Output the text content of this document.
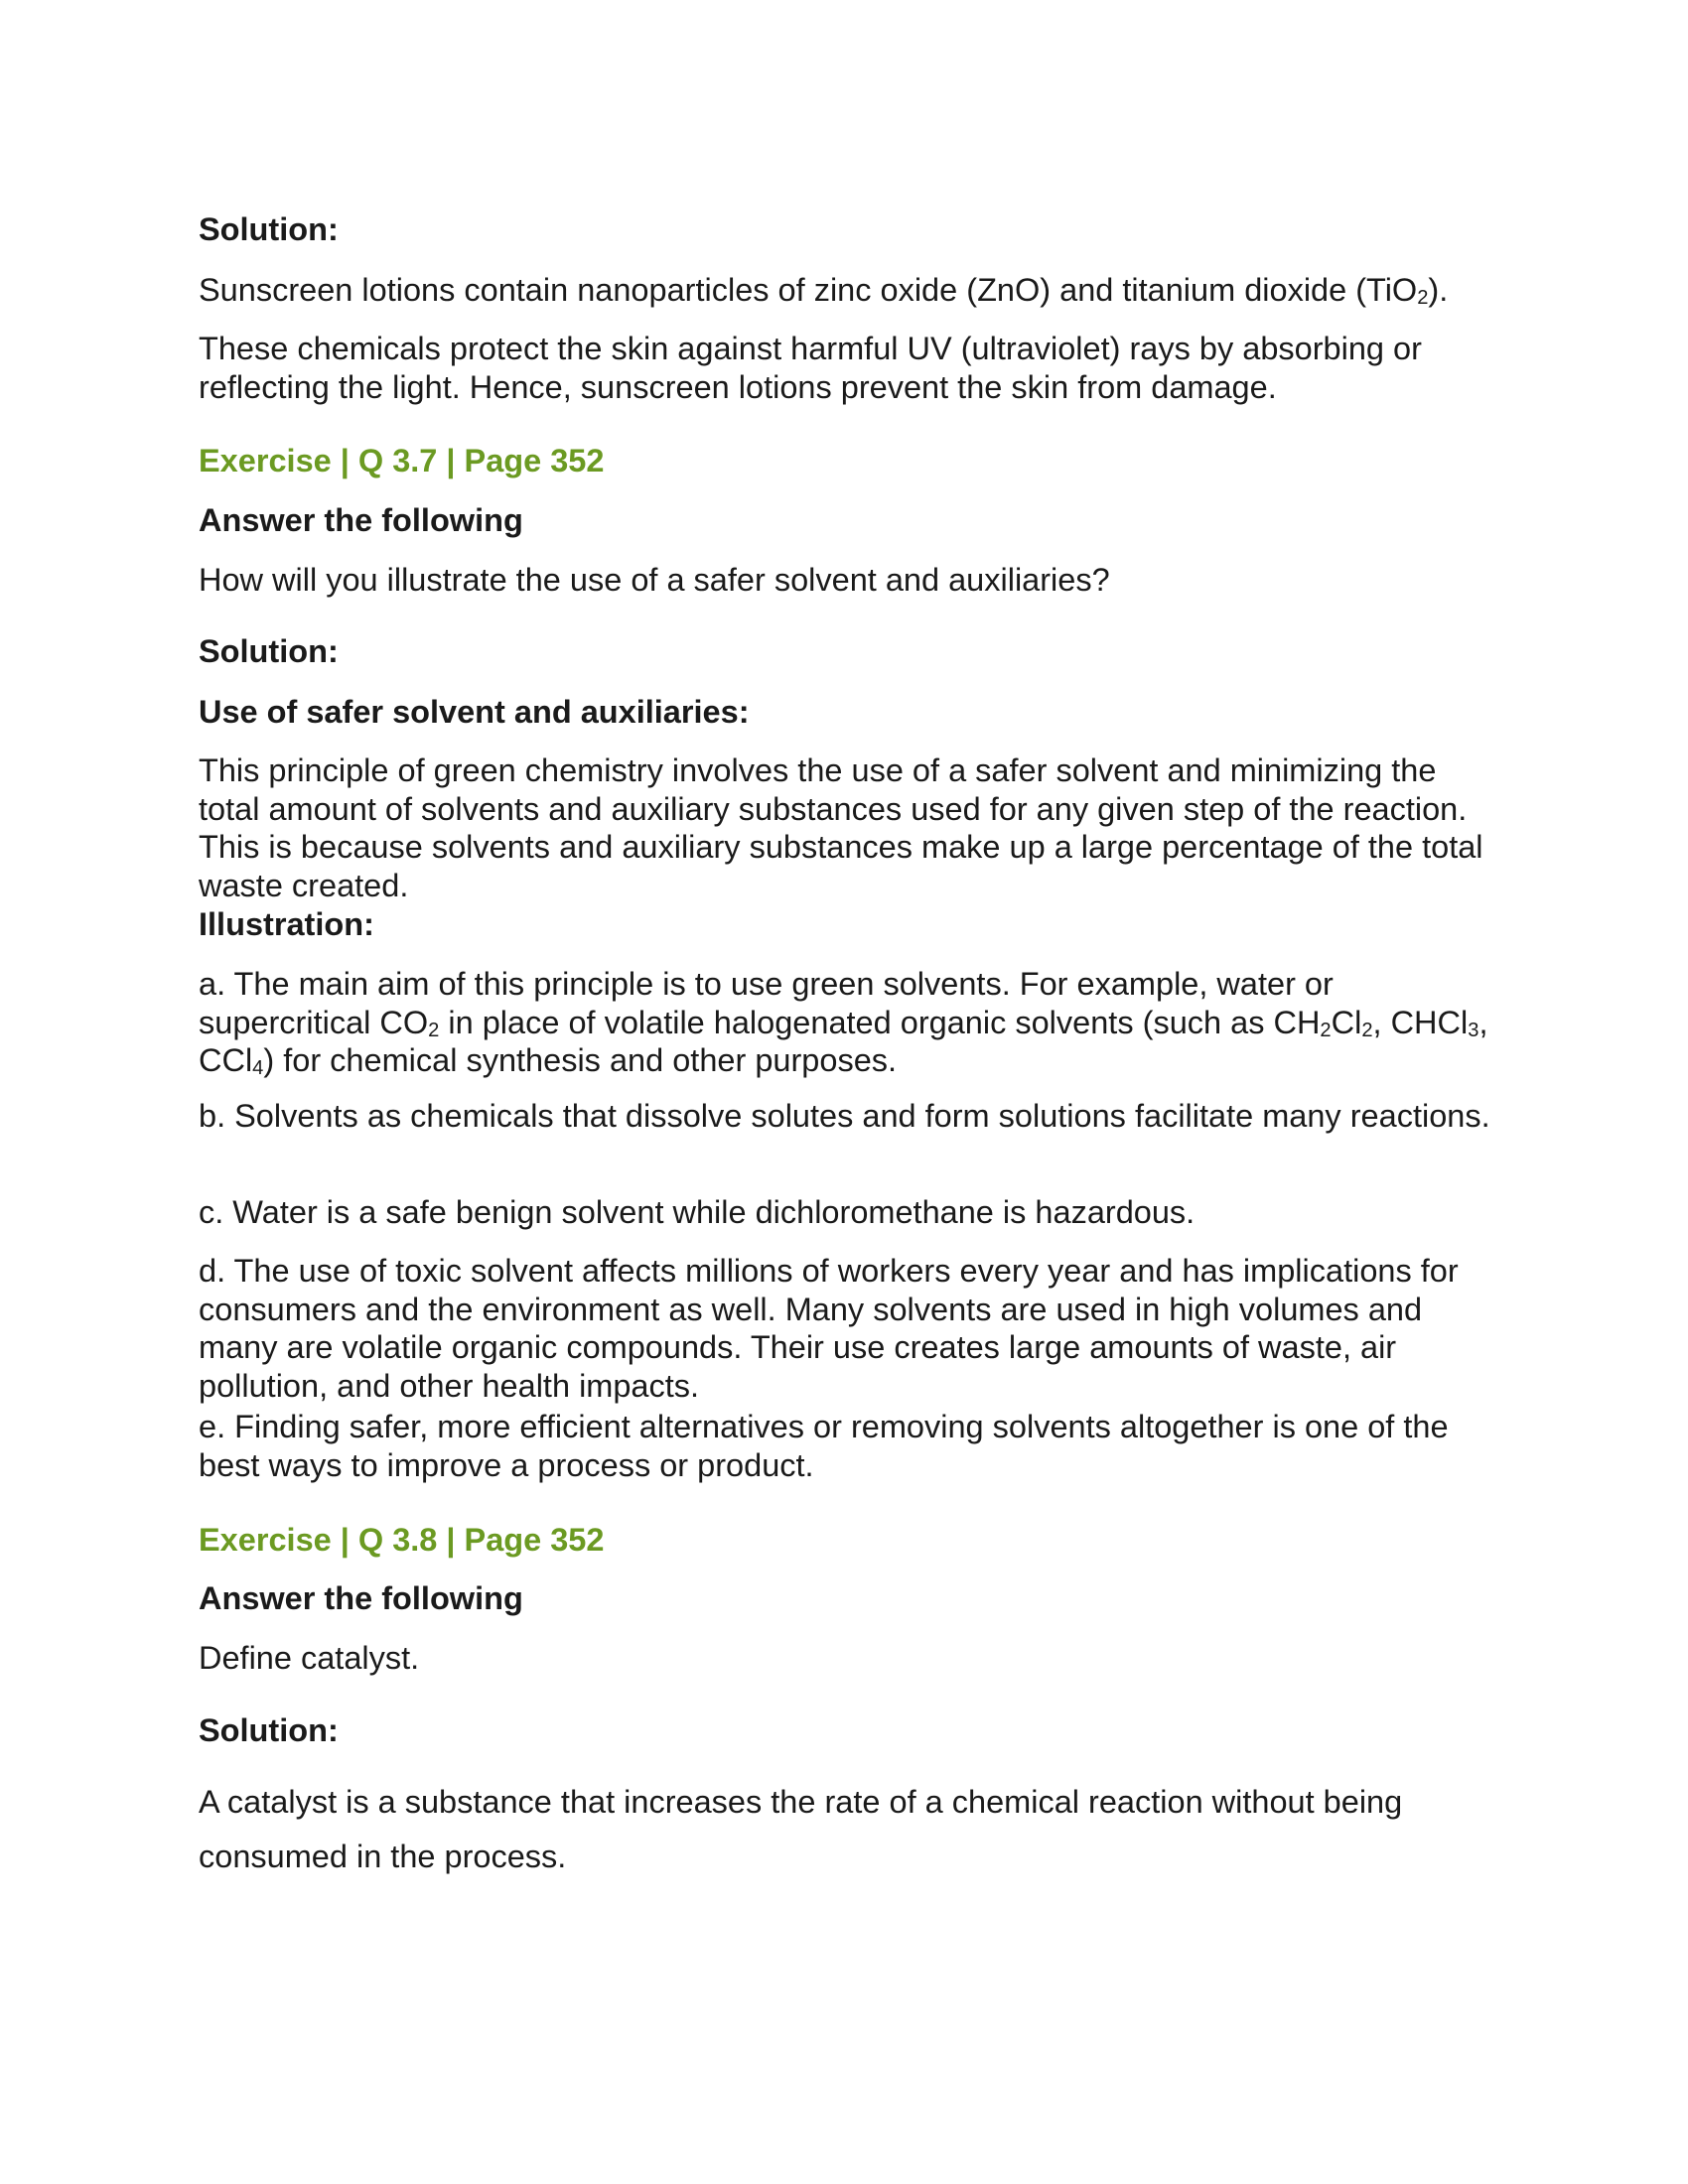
Solution:
Sunscreen lotions contain nanoparticles of zinc oxide (ZnO) and titanium dioxide (TiO$_2$).
These chemicals protect the skin against harmful UV (ultraviolet) rays by absorbing or reflecting the light. Hence, sunscreen lotions prevent the skin from damage.
Exercise | Q 3.7 | Page 352
Answer the following
How will you illustrate the use of a safer solvent and auxiliaries?
Solution:
Use of safer solvent and auxiliaries:
This principle of green chemistry involves the use of a safer solvent and minimizing the total amount of solvents and auxiliary substances used for any given step of the reaction. This is because solvents and auxiliary substances make up a large percentage of the total waste created.
Illustration:
a. The main aim of this principle is to use green solvents. For example, water or supercritical $CO_2$ in place of volatile halogenated organic solvents (such as $CH_2Cl_2$, CHCl$_3$, CCl$_4$) for chemical synthesis and other purposes.
b. Solvents as chemicals that dissolve solutes and form solutions facilitate many reactions.
c. Water is a safe benign solvent while dichloromethane is hazardous.
d. The use of toxic solvent affects millions of workers every year and has implications for consumers and the environment as well. Many solvents are used in high volumes and many are volatile organic compounds. Their use creates large amounts of waste, air pollution, and other health impacts.
e. Finding safer, more efficient alternatives or removing solvents altogether is one of the best ways to improve a process or product.
Exercise | Q 3.8 | Page 352
Answer the following
Define catalyst.
Solution:
A catalyst is a substance that increases the rate of a chemical reaction without being consumed in the process.
